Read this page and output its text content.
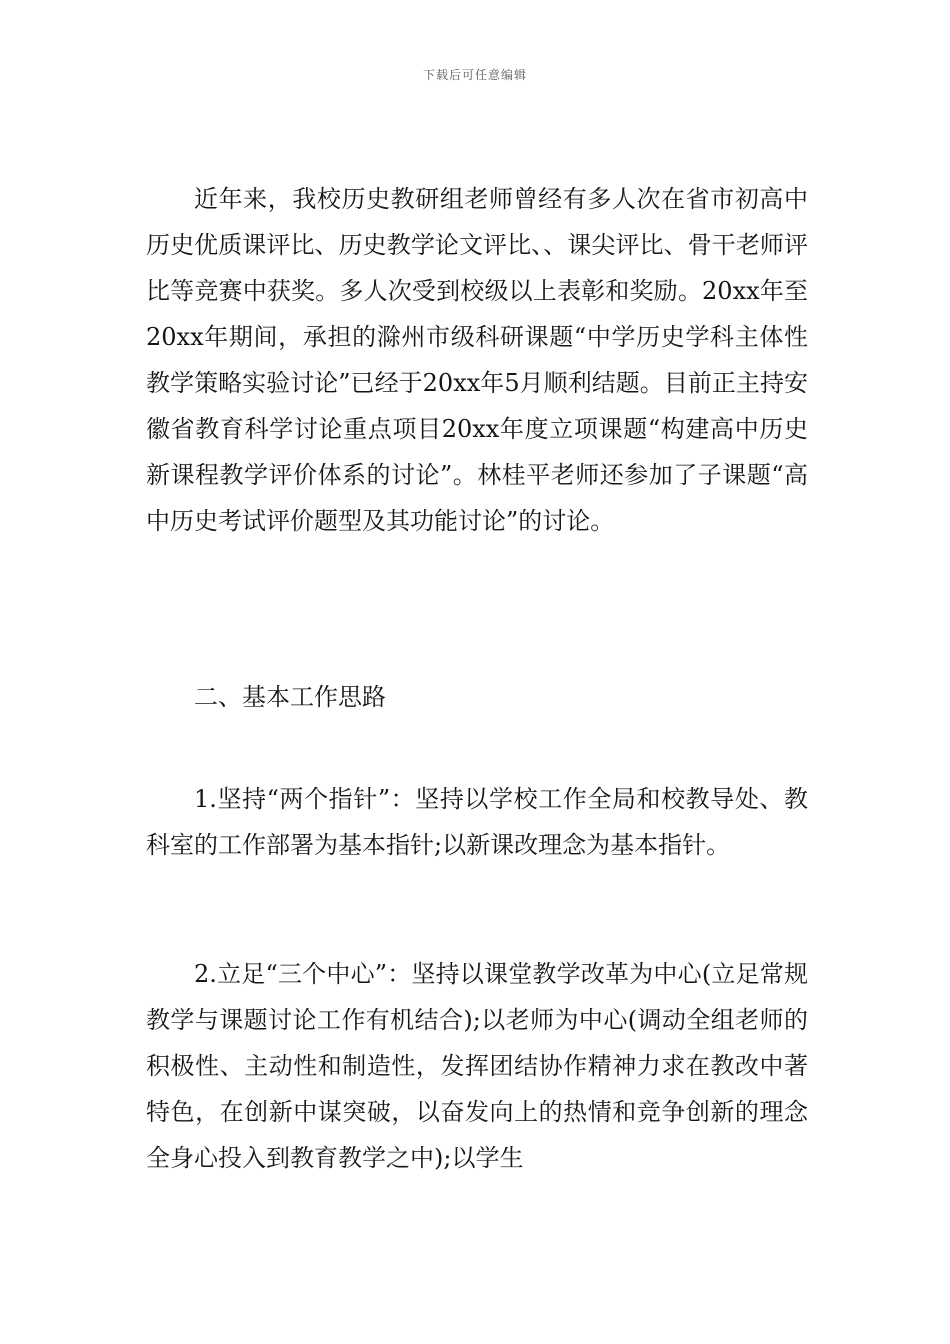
下载后可任意编辑

近年来，我校历史教研组老师曾经有多人次在省市初高中历史优质课评比、历史教学论文评比、、课尖评比、骨干老师评比等竞赛中获奖。多人次受到校级以上表彰和奖励。20xx年至20xx年期间，承担的滁州市级科研课题“中学历史学科主体性教学策略实验讨论”已经于20xx年5月顺利结题。目前正主持安徽省教育科学讨论重点项目20xx年度立项课题“构建高中历史新课程教学评价体系的讨论”。林桂平老师还参加了子课题“高中历史考试评价题型及其功能讨论”的讨论。

二、基本工作思路

1.坚持“两个指针”：坚持以学校工作全局和校教导处、教科室的工作部署为基本指针;以新课改理念为基本指针。

2.立足“三个中心”：坚持以课堂教学改革为中心(立足常规教学与课题讨论工作有机结合);以老师为中心(调动全组老师的积极性、主动性和制造性，发挥团结协作精神力求在教改中著特色，在创新中谋突破，以奋发向上的热情和竞争创新的理念全身心投入到教育教学之中);以学生
